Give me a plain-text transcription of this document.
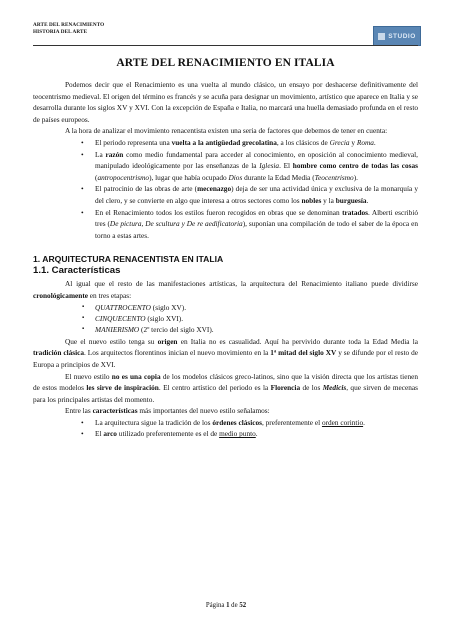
ARTE DEL RENACIMIENTO
HISTORIA DEL ARTE
STUDIO
ARTE DEL RENACIMIENTO EN ITALIA

Podemos decir que el Renacimiento es una vuelta al mundo clásico, un ensayo por deshacerse definitivamente del teocentrismo medieval. El origen del término es francés y se acuña para designar un movimiento, artístico que aparece en Italia y se desarrolla durante los siglos XV y XVI. Con la excepción de España e Italia, no marcará una huella demasiado profunda en el resto de países europeos.

A la hora de analizar el movimiento renacentista existen una seria de factores que debemos de tener en cuenta:

• El periodo representa una vuelta a la antigüedad grecolatina, a los clásicos de Grecia y Roma.
• La razón como medio fundamental para acceder al conocimiento, en oposición al conocimiento medieval, manipulado ideológicamente por las enseñanzas de la Iglesia. El hombre como centro de todas las cosas (antropocentrismo), lugar que había ocupado Dios durante la Edad Media (Teocentrismo).
• El patrocinio de las obras de arte (mecenazgo) deja de ser una actividad única y exclusiva de la monarquía y del clero, y se convierte en algo que interesa a otros sectores como los nobles y la burguesía.
• En el Renacimiento todos los estilos fueron recogidos en obras que se denominan tratados. Alberti escribió tres (De pictura, De scultura y De re aedificatoria), suponían una compilación de todo el saber de la época en torno a estas artes.
1. ARQUITECTURA RENACENTISTA EN ITALIA
1.1. Características

Al igual que el resto de las manifestaciones artísticas, la arquitectura del Renacimiento italiano puede dividirse cronológicamente en tres etapas:

▪ QUATTROCENTO (siglo XV).
▪ CINQUECENTO (siglo XVI).
▪ MANIERISMO (2º tercio del siglo XVI).

Que el nuevo estilo tenga su origen en Italia no es casualidad. Aquí ha pervivido durante toda la Edad Media la tradición clásica. Los arquitectos florentinos inician el nuevo movimiento en la 1ª mitad del siglo XV y se difunde por el resto de Europa a principios de XVI.

El nuevo estilo no es una copia de los modelos clásicos greco-latinos, sino que la visión directa que los artistas tienen de estos modelos les sirve de inspiración. El centro artístico del periodo es la Florencia de los Medicis, que sirven de mecenas para los principales artistas del momento.

Entre las características más importantes del nuevo estilo señalamos:

• La arquitectura sigue la tradición de los órdenes clásicos, preferentemente el orden corintio.
• El arco utilizado preferentemente es el de medio punto.
Página 1 de 52
